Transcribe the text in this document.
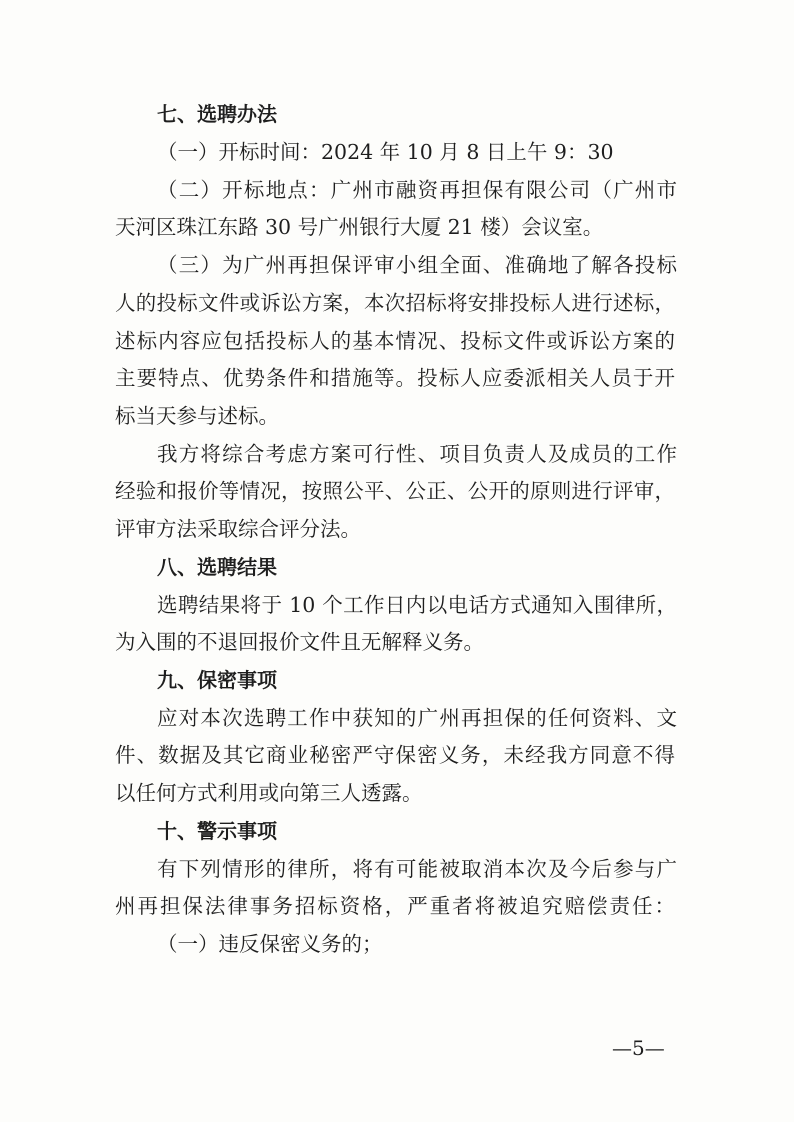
七、选聘办法
（一）开标时间：2024 年 10 月 8 日上午 9：30
（二）开标地点：广州市融资再担保有限公司（广州市
天河区珠江东路 30 号广州银行大厦 21 楼）会议室。
（三）为广州再担保评审小组全面、准确地了解各投标
人的投标文件或诉讼方案，本次招标将安排投标人进行述标，
述标内容应包括投标人的基本情况、投标文件或诉讼方案的
主要特点、优势条件和措施等。投标人应委派相关人员于开
标当天参与述标。
我方将综合考虑方案可行性、项目负责人及成员的工作
经验和报价等情况，按照公平、公正、公开的原则进行评审，
评审方法采取综合评分法。
八、选聘结果
选聘结果将于 10 个工作日内以电话方式通知入围律所，
为入围的不退回报价文件且无解释义务。
九、保密事项
应对本次选聘工作中获知的广州再担保的任何资料、文
件、数据及其它商业秘密严守保密义务，未经我方同意不得
以任何方式利用或向第三人透露。
十、警示事项
有下列情形的律所，将有可能被取消本次及今后参与广
州再担保法律事务招标资格，严重者将被追究赔偿责任：
（一）违反保密义务的；
—5—
